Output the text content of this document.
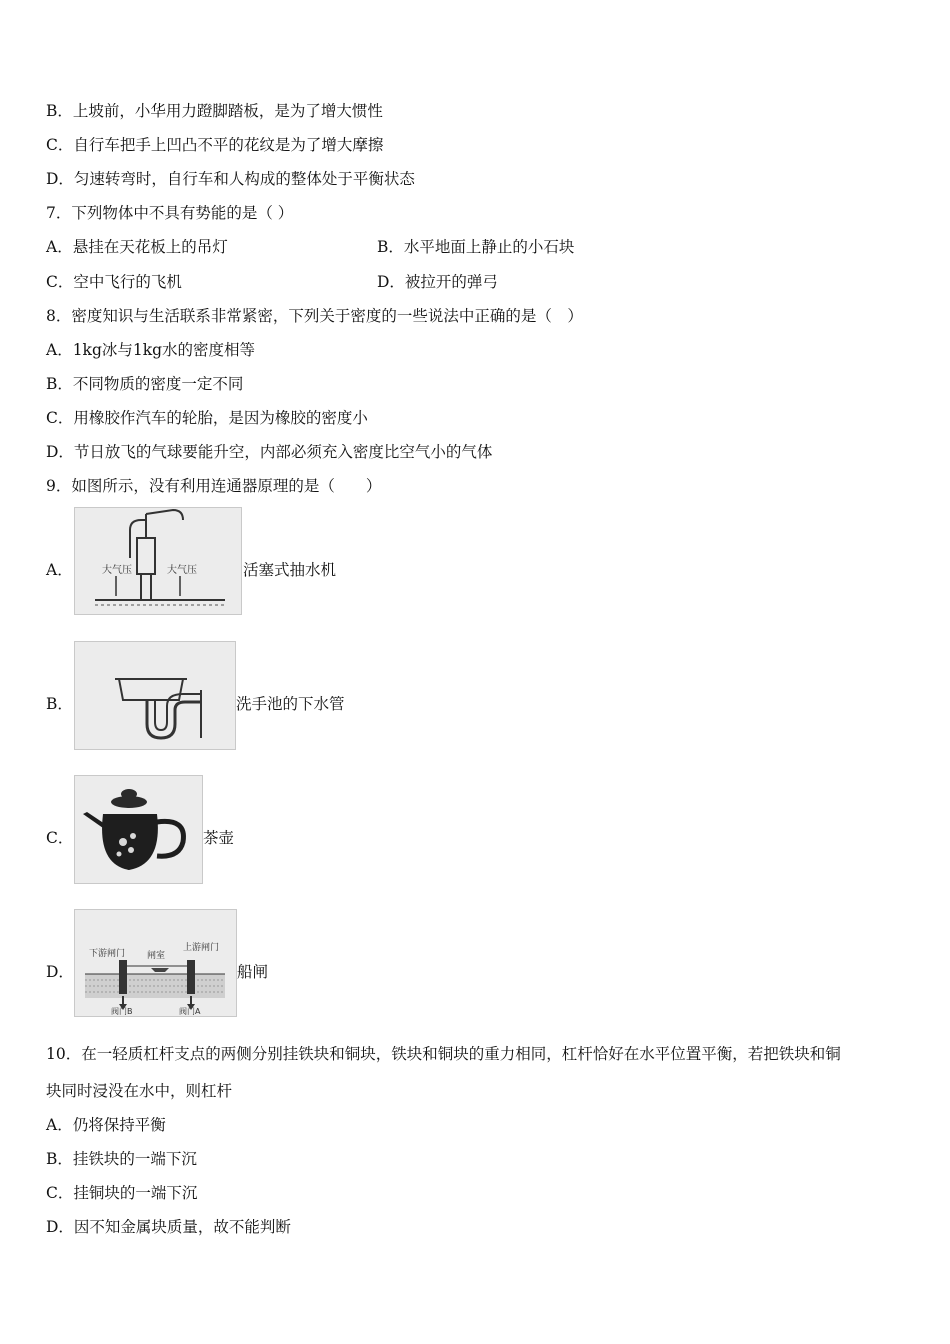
B．上坡前，小华用力蹬脚踏板，是为了增大惯性
C．自行车把手上凹凸不平的花纹是为了增大摩擦
D．匀速转弯时，自行车和人构成的整体处于平衡状态
7．下列物体中不具有势能的是（ ）
A．悬挂在天花板上的吊灯	B．水平地面上静止的小石块
C．空中飞行的飞机	D．被拉开的弹弓
8．密度知识与生活联系非常紧密，下列关于密度的一些说法中正确的是（　）
A．1kg冰与1kg水的密度相等
B．不同物质的密度一定不同
C．用橡胶作汽车的轮胎，是因为橡胶的密度小
D．节日放飞的气球要能升空，内部必须充入密度比空气小的气体
9．如图所示，没有利用连通器原理的是（　　）
A．	大气压	大气压	活塞式抽水机
B．	洗手池的下水管
C．	茶壶
D．
下游闸门 闸室
上游闸门
阀门B	阀门A
船闸
10．在一轻质杠杆支点的两侧分别挂铁块和铜块，铁块和铜块的重力相同，杠杆恰好在水平位置平衡，若把铁块和铜
块同时浸没在水中，则杠杆
A．仍将保持平衡
B．挂铁块的一端下沉
C．挂铜块的一端下沉
D．因不知金属块质量，故不能判断
